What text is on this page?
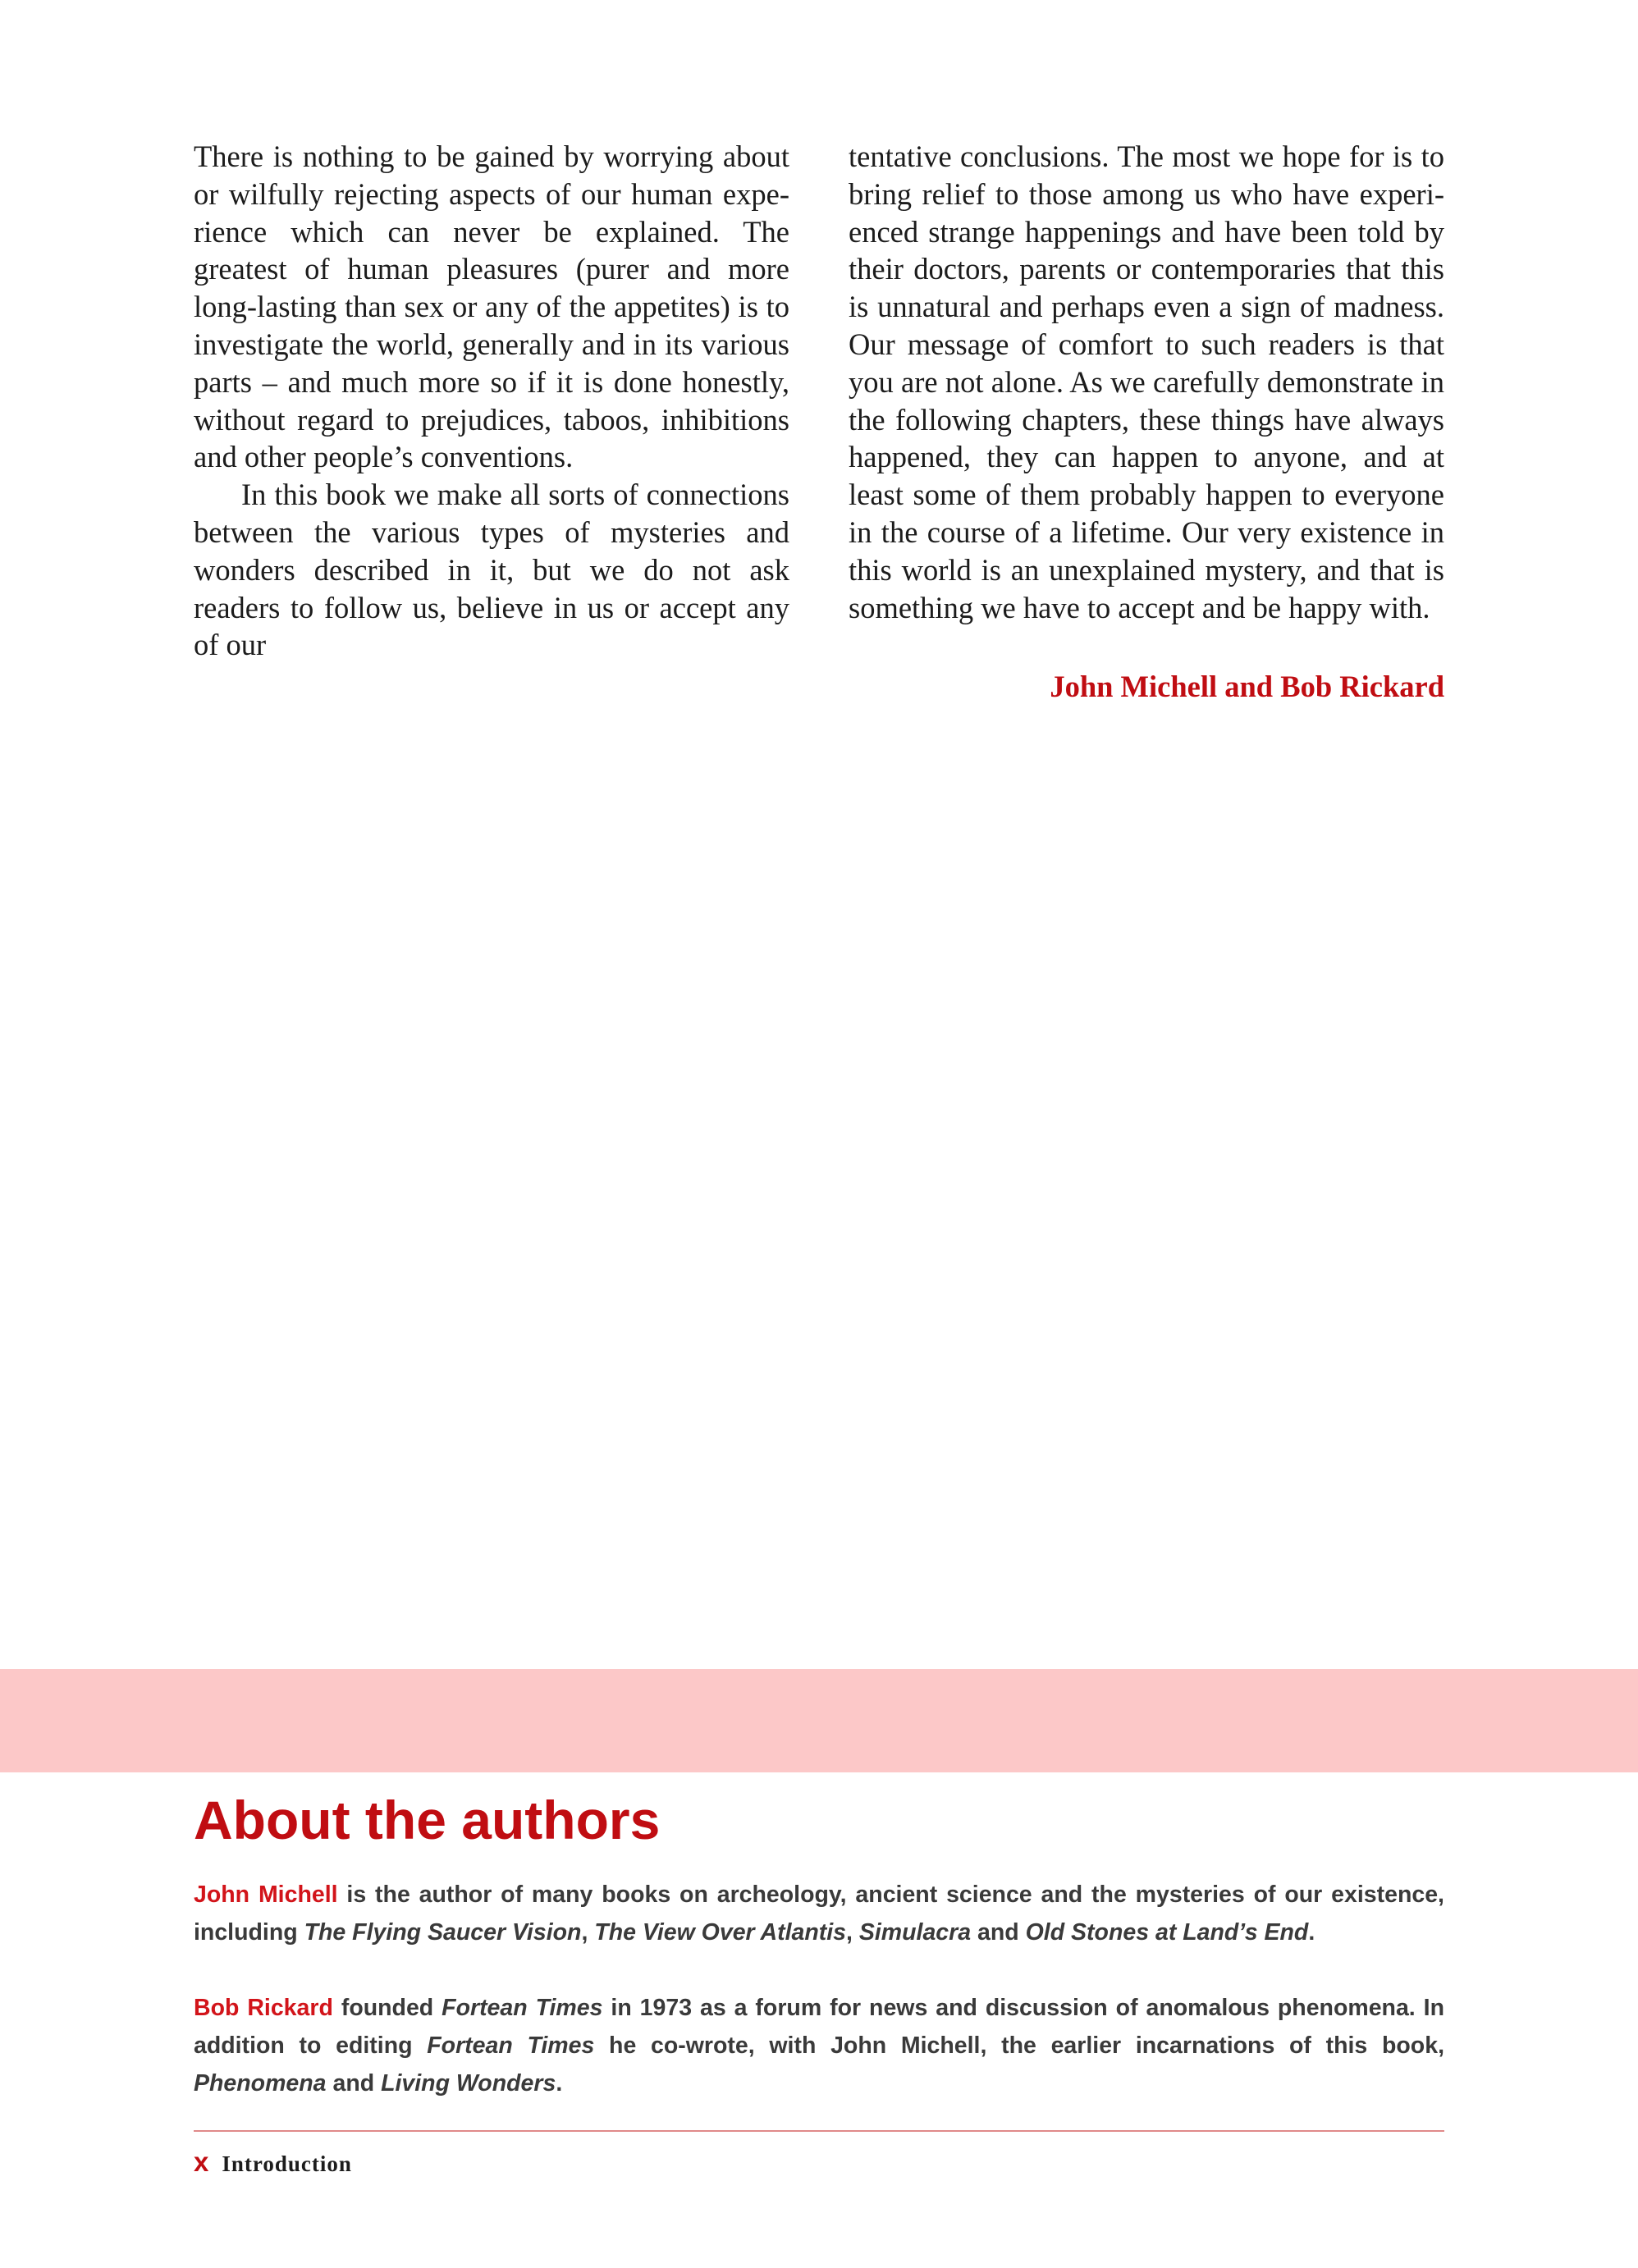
There is nothing to be gained by worrying about or wilfully rejecting aspects of our human experience which can never be explained. The greatest of human pleasures (purer and more long-lasting than sex or any of the appetites) is to investigate the world, generally and in its various parts – and much more so if it is done honestly, without regard to prejudices, taboos, inhibitions and other people’s conventions.

In this book we make all sorts of connections between the various types of mysteries and wonders described in it, but we do not ask readers to follow us, believe in us or accept any of our

tentative conclusions. The most we hope for is to bring relief to those among us who have experienced strange happenings and have been told by their doctors, parents or contemporaries that this is unnatural and perhaps even a sign of madness. Our message of comfort to such readers is that you are not alone. As we carefully demonstrate in the following chapters, these things have always happened, they can happen to anyone, and at least some of them probably happen to everyone in the course of a lifetime. Our very existence in this world is an unexplained mystery, and that is something we have to accept and be happy with.

John Michell and Bob Rickard
About the authors

John Michell is the author of many books on archeology, ancient science and the mysteries of our existence, including The Flying Saucer Vision, The View Over Atlantis, Simulacra and Old Stones at Land’s End.

Bob Rickard founded Fortean Times in 1973 as a forum for news and discussion of anomalous phenomena. In addition to editing Fortean Times he co-wrote, with John Michell, the earlier incarnations of this book, Phenomena and Living Wonders.

x Introduction
